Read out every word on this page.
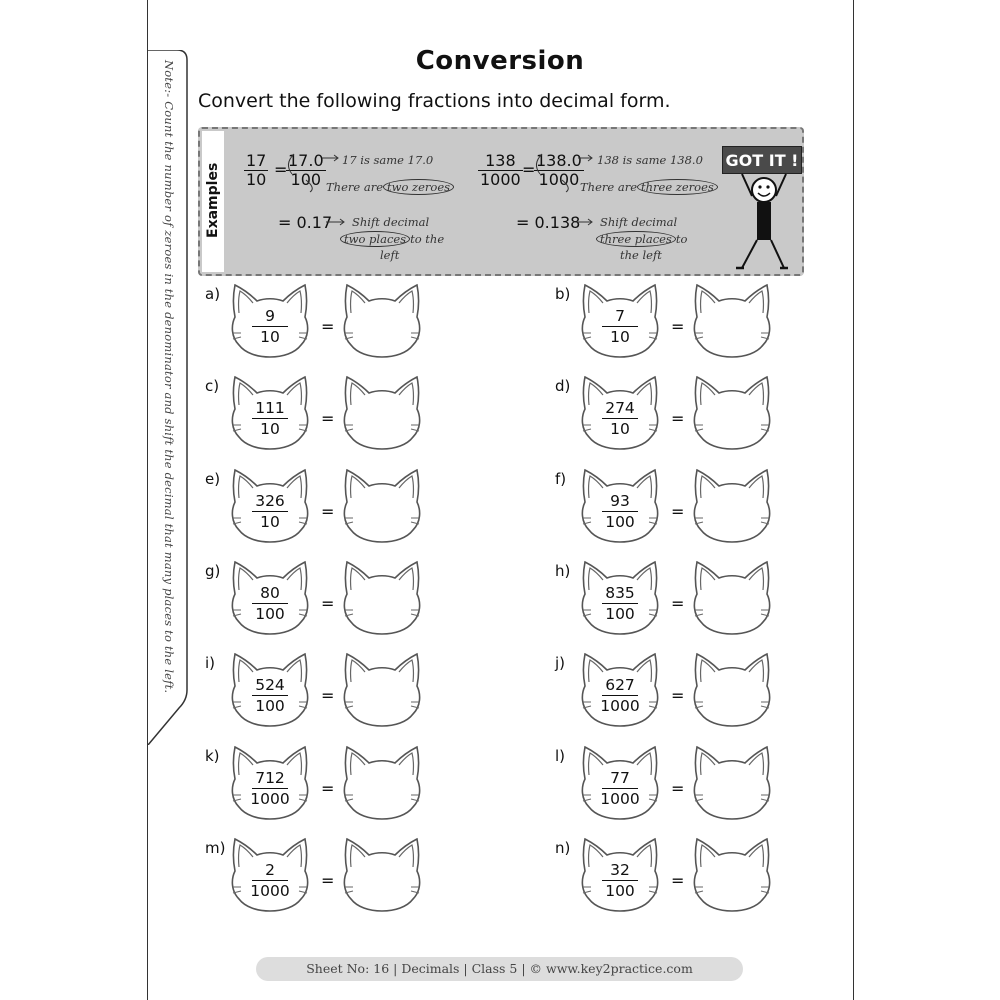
Note:- Count the number of zeroes in the denominator and shift the decimal that many places to the left.	Conversion
Convert the following fractions into decimal form.
Examples $\frac{17}{10}$ =
$\frac{17.0}{100} 17$ is same 17.0
There are two zeroes
= 0.17 Shift decimal
two places to the
left
$\frac{138}{1000}$ =
$\frac{138.0}{1000} 138$ is same 138.0
There are three zeroes
= 0.138 Shift decimal
three places to
the left
GOT IT !
a)
$\frac{9}{10}$ =
b)
$\frac{7}{10}$ =
c)
$\frac{111}{10}$ =
d)
$\frac{274}{10}$ =
e)
$\frac{326}{10}$ =
f)
$\frac{93}{100}$ =
g)
$\frac{80}{100}$ =
h)
$\frac{835}{100}$ =
i)
$\frac{524}{100}$ =
j)
$\frac{627}{1000}$ =
k)
$\frac{712}{1000}$ =
l)
$\frac{77}{1000}$ =
m)
$\frac{2}{1000}$ =
n)
$\frac{32}{100}$ =
Sheet No: 16 | Decimals | Class 5 | © www.key2practice.com
